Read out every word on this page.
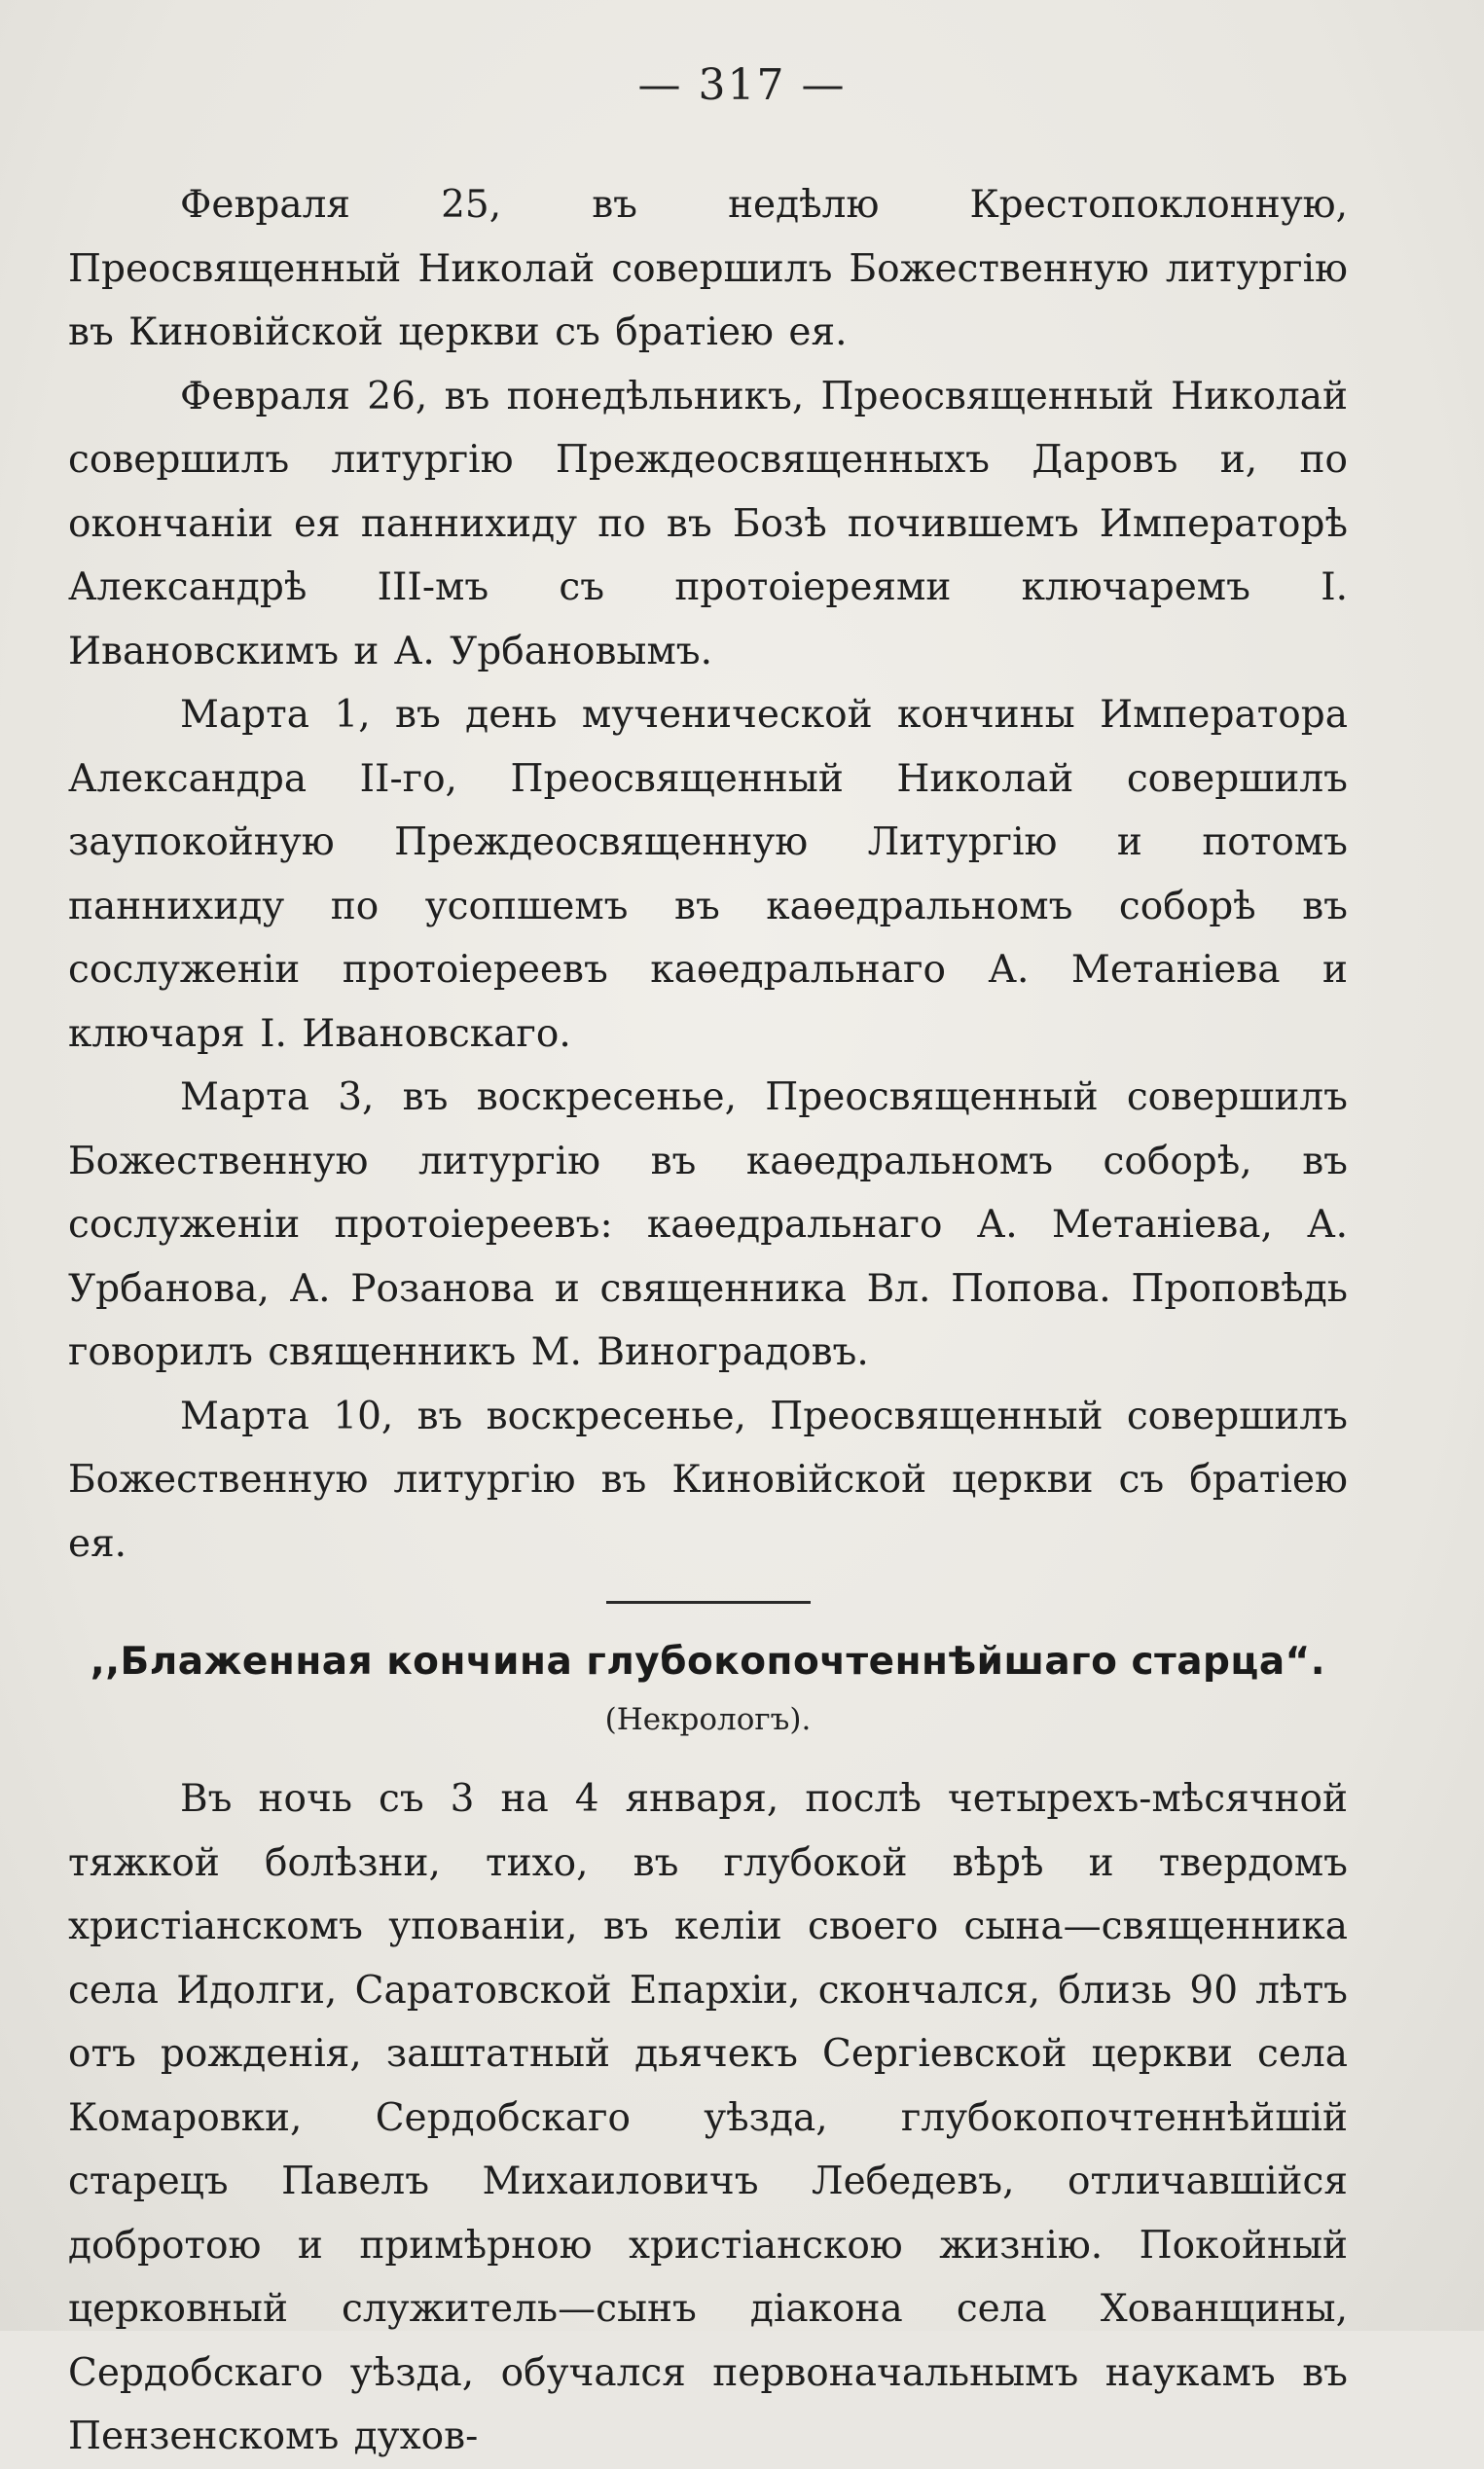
— 317 —

Февраля 25, въ недѣлю Крестопоклонную, Преосвященный Николай совершилъ Божественную литургію въ Киновійской церкви съ братіею ея.

Февраля 26, въ понедѣльникъ, Преосвященный Николай совершилъ литургію Преждеосвященныхъ Даровъ и, по окончаніи ея паннихиду по въ Бозѣ почившемъ Императорѣ Александрѣ III-мъ съ протоіереями ключаремъ І. Ивановскимъ и А. Урбановымъ.

Марта 1, въ день мученической кончины Императора Александра II-го, Преосвященный Николай совершилъ заупокойную Преждеосвященную Литургію и потомъ паннихиду по усопшемъ въ каѳедральномъ соборѣ въ сослуженіи протоіереевъ каѳедральнаго А. Метаніева и ключаря І. Ивановскаго.

Марта 3, въ воскресенье, Преосвященный совершилъ Божественную литургію въ каѳедральномъ соборѣ, въ сослуженіи протоіереевъ: каѳедральнаго А. Метаніева, А. Урбанова, А. Розанова и священника Вл. Попова. Проповѣдь говорилъ священникъ М. Виноградовъ.

Марта 10, въ воскресенье, Преосвященный совершилъ Божественную литургію въ Киновійской церкви съ братіею ея.

,,Блаженная кончина глубокопочтеннѣйшаго старца“.
(Некрологъ).

Въ ночь съ 3 на 4 января, послѣ четырехъ-мѣсячной тяжкой болѣзни, тихо, въ глубокой вѣрѣ и твердомъ христіанскомъ упованіи, въ келіи своего сына—священника села Идолги, Саратовской Епархіи, скончался, близь 90 лѣтъ отъ рожденія, заштатный дьячекъ Сергіевской церкви села Комаровки, Сердобскаго уѣзда, глубокопочтеннѣйшій старецъ Павелъ Михаиловичъ Лебедевъ, отличавшійся добротою и примѣрною христіанскою жизнію. Покойный церковный служитель—сынъ діакона села Хованщины, Сердобскаго уѣзда, обучался первоначальнымъ наукамъ въ Пензенскомъ духов-
